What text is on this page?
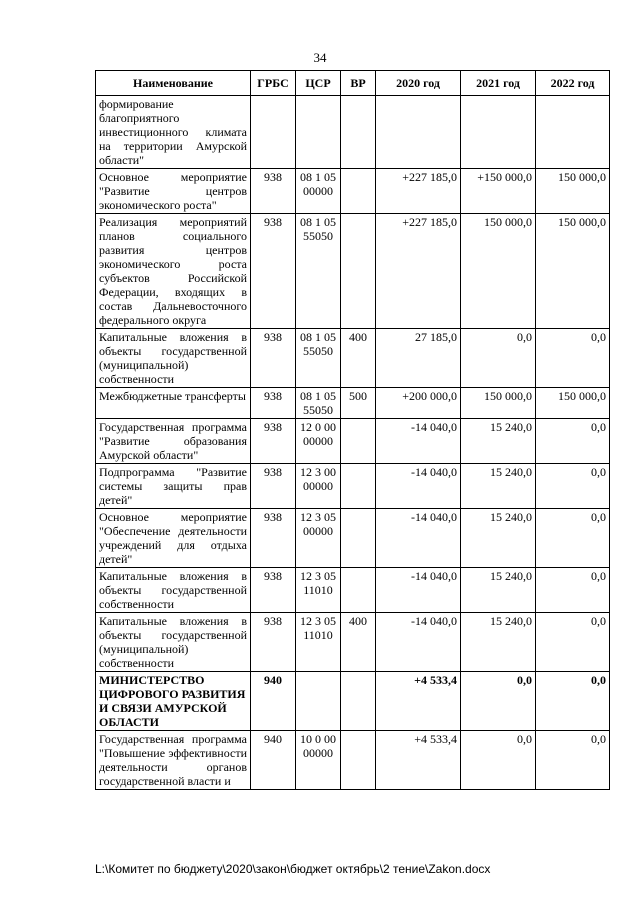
34
Наименование	ГРБС	ЦСР	ВР	2020 год	2021 год	2022 год
формирование благоприятного инвестиционного климата на территории Амурской области"						
Основное мероприятие "Развитие центров экономического роста"	938	08 1 05 00000		+227 185,0	+150 000,0	150 000,0
Реализация мероприятий планов социального развития центров экономического роста субъектов Российской Федерации, входящих в состав Дальневосточного федерального округа	938	08 1 05 55050		+227 185,0	150 000,0	150 000,0
Капитальные вложения в объекты государственной (муниципальной) собственности	938	08 1 05 55050	400	27 185,0	0,0	0,0
Межбюджетные трансферты	938	08 1 05 55050	500	+200 000,0	150 000,0	150 000,0
Государственная программа "Развитие образования Амурской области"	938	12 0 00 00000		-14 040,0	15 240,0	0,0
Подпрограмма "Развитие системы защиты прав детей"	938	12 3 00 00000		-14 040,0	15 240,0	0,0
Основное мероприятие "Обеспечение деятельности учреждений для отдыха детей"	938	12 3 05 00000		-14 040,0	15 240,0	0,0
Капитальные вложения в объекты государственной собственности	938	12 3 05 11010		-14 040,0	15 240,0	0,0
Капитальные вложения в объекты государственной (муниципальной) собственности	938	12 3 05 11010	400	-14 040,0	15 240,0	0,0
МИНИСТЕРСТВО ЦИФРОВОГО РАЗВИТИЯ И СВЯЗИ АМУРСКОЙ ОБЛАСТИ	940			+4 533,4	0,0	0,0
Государственная программа "Повышение эффективности деятельности органов государственной власти и	940	10 0 00 00000		+4 533,4	0,0	0,0
L:\Комитет по бюджету\2020\закон\бюджет октябрь\2 тение\Zakon.docx
